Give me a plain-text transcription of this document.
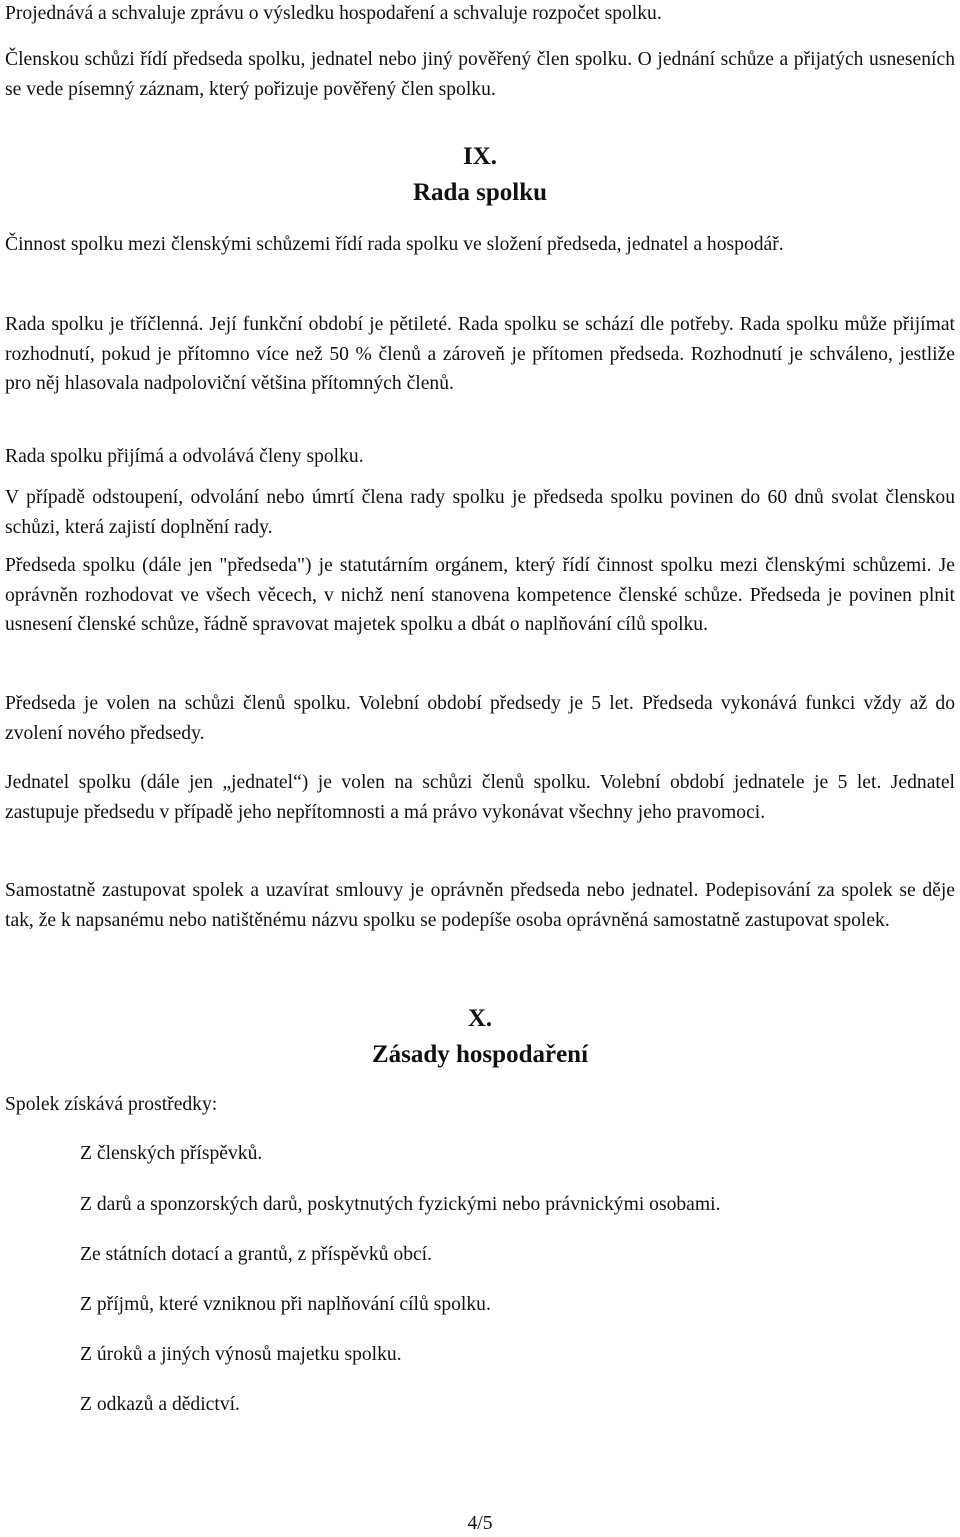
Projednává a schvaluje zprávu o výsledku hospodaření a schvaluje rozpočet spolku.

Členskou schůzi řídí předseda spolku, jednatel nebo jiný pověřený člen spolku. O jednání schůze a přijatých usneseních se vede písemný záznam, který pořizuje pověřený člen spolku.

IX.
Rada spolku

Činnost spolku mezi členskými schůzemi řídí rada spolku ve složení předseda, jednatel a hospodář.

Rada spolku je tříčlenná. Její funkční období je pětileté. Rada spolku se schází dle potřeby. Rada spolku může přijímat rozhodnutí, pokud je přítomno více než 50 % členů a zároveň je přítomen předseda. Rozhodnutí je schváleno, jestliže pro něj hlasovala nadpoloviční většina přítomných členů.

Rada spolku přijímá a odvolává členy spolku.

V případě odstoupení, odvolání nebo úmrtí člena rady spolku je předseda spolku povinen do 60 dnů svolat členskou schůzi, která zajistí doplnění rady.

Předseda spolku (dále jen "předseda") je statutárním orgánem, který řídí činnost spolku mezi členskými schůzemi. Je oprávněn rozhodovat ve všech věcech, v nichž není stanovena kompetence členské schůze. Předseda je povinen plnit usnesení členské schůze, řádně spravovat majetek spolku a dbát o naplňování cílů spolku.

Předseda je volen na schůzi členů spolku. Volební období předsedy je 5 let. Předseda vykonává funkci vždy až do zvolení nového předsedy.

Jednatel spolku (dále jen „jednatel“) je volen na schůzi členů spolku. Volební období jednatele je 5 let. Jednatel zastupuje předsedu v případě jeho nepřítomnosti a má právo vykonávat všechny jeho pravomoci.

Samostatně zastupovat spolek a uzavírat smlouvy je oprávněn předseda nebo jednatel. Podepisování za spolek se děje tak, že k napsanému nebo natištěnému názvu spolku se podepíše osoba oprávněná samostatně zastupovat spolek.

X.
Zásady hospodaření

Spolek získává prostředky:

Z členských příspěvků.

Z darů a sponzorských darů, poskytnutých fyzickými nebo právnickými osobami.

Ze státních dotací a grantů, z příspěvků obcí.

Z příjmů, které vzniknou při naplňování cílů spolku.

Z úroků a jiných výnosů majetku spolku.

Z odkazů a dědictví.

4/5
